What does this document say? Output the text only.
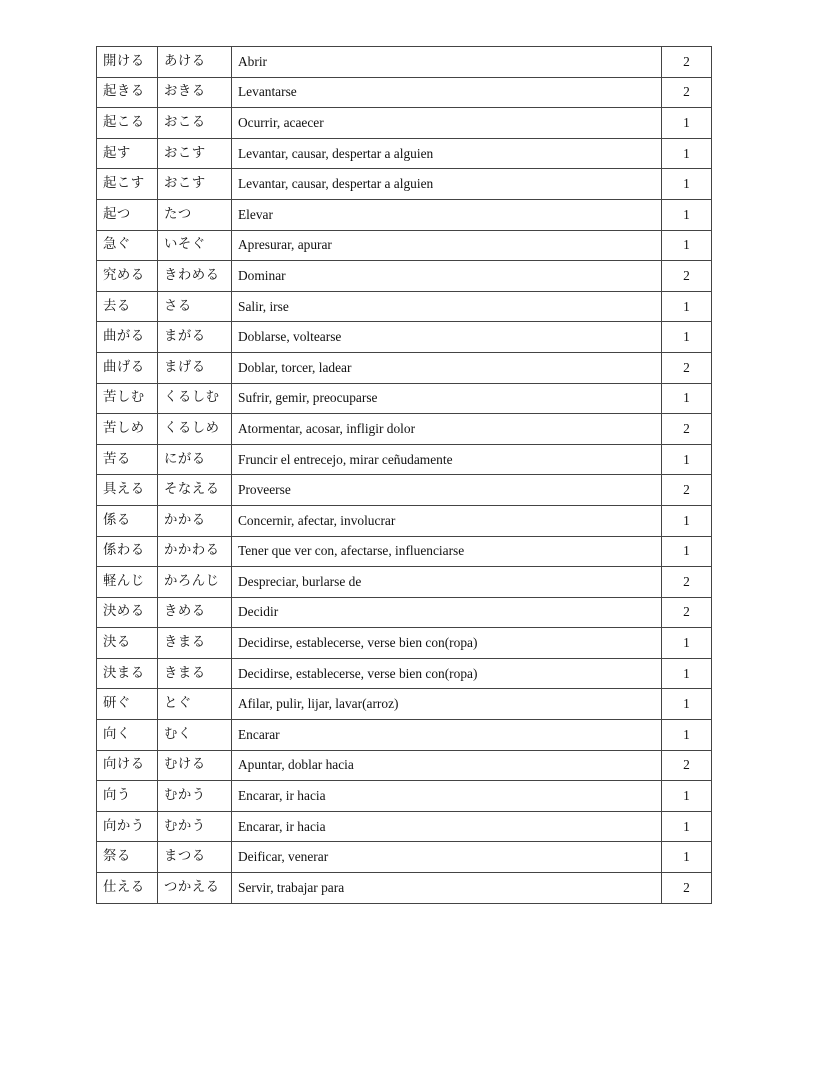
開ける	あける	Abrir	2
起きる	おきる	Levantarse	2
起こる	おこる	Ocurrir, acaecer	1
起す	おこす	Levantar, causar, despertar a alguien	1
起こす	おこす	Levantar, causar, despertar a alguien	1
起つ	たつ	Elevar	1
急ぐ	いそぐ	Apresurar, apurar	1
究める	きわめる	Dominar	2
去る	さる	Salir, irse	1
曲がる	まがる	Doblarse, voltearse	1
曲げる	まげる	Doblar, torcer, ladear	2
苦しむ	くるしむ	Sufrir, gemir, preocuparse	1
苦しめ	くるしめ	Atormentar, acosar, infligir dolor	2
苦る	にがる	Fruncir el entrecejo, mirar ceñudamente	1
具える	そなえる	Proveerse	2
係る	かかる	Concernir, afectar, involucrar	1
係わる	かかわる	Tener que ver con, afectarse, influenciarse	1
軽んじ	かろんじ	Despreciar, burlarse de	2
決める	きめる	Decidir	2
決る	きまる	Decidirse, establecerse, verse bien con(ropa)	1
決まる	きまる	Decidirse, establecerse, verse bien con(ropa)	1
研ぐ	とぐ	Afilar, pulir, lijar, lavar(arroz)	1
向く	むく	Encarar	1
向ける	むける	Apuntar, doblar hacia	2
向う	むかう	Encarar, ir hacia	1
向かう	むかう	Encarar, ir hacia	1
祭る	まつる	Deificar, venerar	1
仕える	つかえる	Servir, trabajar para	2
